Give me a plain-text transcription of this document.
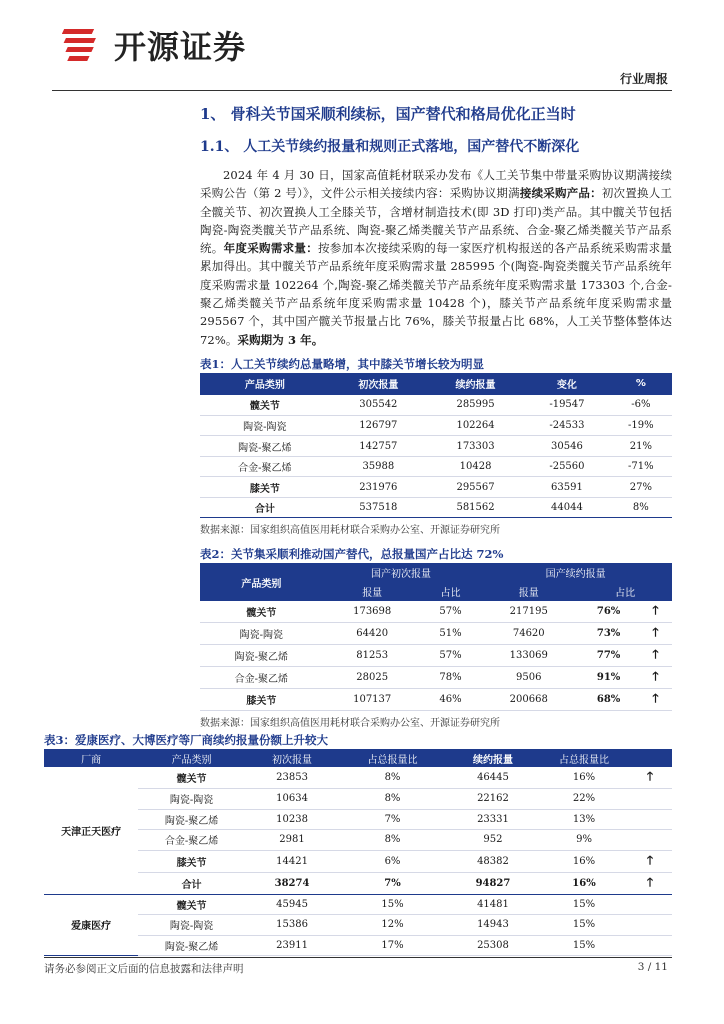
开源证券
行业周报
1、 骨科关节国采顺利续标，国产替代和格局优化正当时
1.1、 人工关节续约报量和规则正式落地，国产替代不断深化

2024 年 4 月 30 日，国家高值耗材联采办发布《人工关节集中带量采购协议期满接续采购公告（第 2 号）》，文件公示相关接续内容：采购协议期满接续采购产品：初次置换人工全髋关节、初次置换人工全膝关节，含增材制造技术(即 3D 打印)类产品。其中髋关节包括陶瓷-陶瓷类髋关节产品系统、陶瓷-聚乙烯类髋关节产品系统、合金-聚乙烯类髋关节产品系统。年度采购需求量：按参加本次接续采购的每一家医疗机构报送的各产品系统采购需求量累加得出。其中髋关节产品系统年度采购需求量 285995 个(陶瓷-陶瓷类髋关节产品系统年度采购需求量 102264 个,陶瓷-聚乙烯类髋关节产品系统年度采购需求量 173303 个,合金-聚乙烯类髋关节产品系统年度采购需求量 10428 个)，膝关节产品系统年度采购需求量 295567 个，其中国产髋关节报量占比 76%，膝关节报量占比 68%，人工关节整体整体达 72%。采购期为 3 年。

表1：人工关节续约总量略增，其中膝关节增长较为明显
产品类别	初次报量	续约报量	变化	%
髋关节	305542	285995	-19547	-6%
陶瓷-陶瓷	126797	102264	-24533	-19%
陶瓷-聚乙烯	142757	173303	30546	21%
合金-聚乙烯	35988	10428	-25560	-71%
膝关节	231976	295567	63591	27%
合计	537518	581562	44044	8%
数据来源：国家组织高值医用耗材联合采购办公室、开源证券研究所
表2：关节集采顺利推动国产替代，总报量国产占比达 72%
产品类别	国产初次报量		国产续约报量		
	报量	占比	报量	占比	
髋关节	173698	57%	217195	76%	🡑
陶瓷-陶瓷	64420	51%	74620	73%	🡑
陶瓷-聚乙烯	81253	57%	133069	77%	🡑
合金-聚乙烯	28025	78%	9506	91%	🡑
膝关节	107137	46%	200668	68%	🡑
数据来源：国家组织高值医用耗材联合采购办公室、开源证券研究所
表3：爱康医疗、大博医疗等厂商续约报量份额上升较大
厂商	产品类别	初次报量	占总报量比	续约报量	占总报量比	
天津正天医疗	髋关节	23853	8%	46445	16%	🡑
	陶瓷-陶瓷	10634	8%	22162	22%	
	陶瓷-聚乙烯	10238	7%	23331	13%	
	合金-聚乙烯	2981	8%	952	9%	
	膝关节	14421	6%	48382	16%	🡑
	合计	38274	7%	94827	16%	🡑
爱康医疗	髋关节	45945	15%	41481	15%	
	陶瓷-陶瓷	15386	12%	14943	15%	
	陶瓷-聚乙烯	23911	17%	25308	15%	
请务必参阅正文后面的信息披露和法律声明	3 / 11
